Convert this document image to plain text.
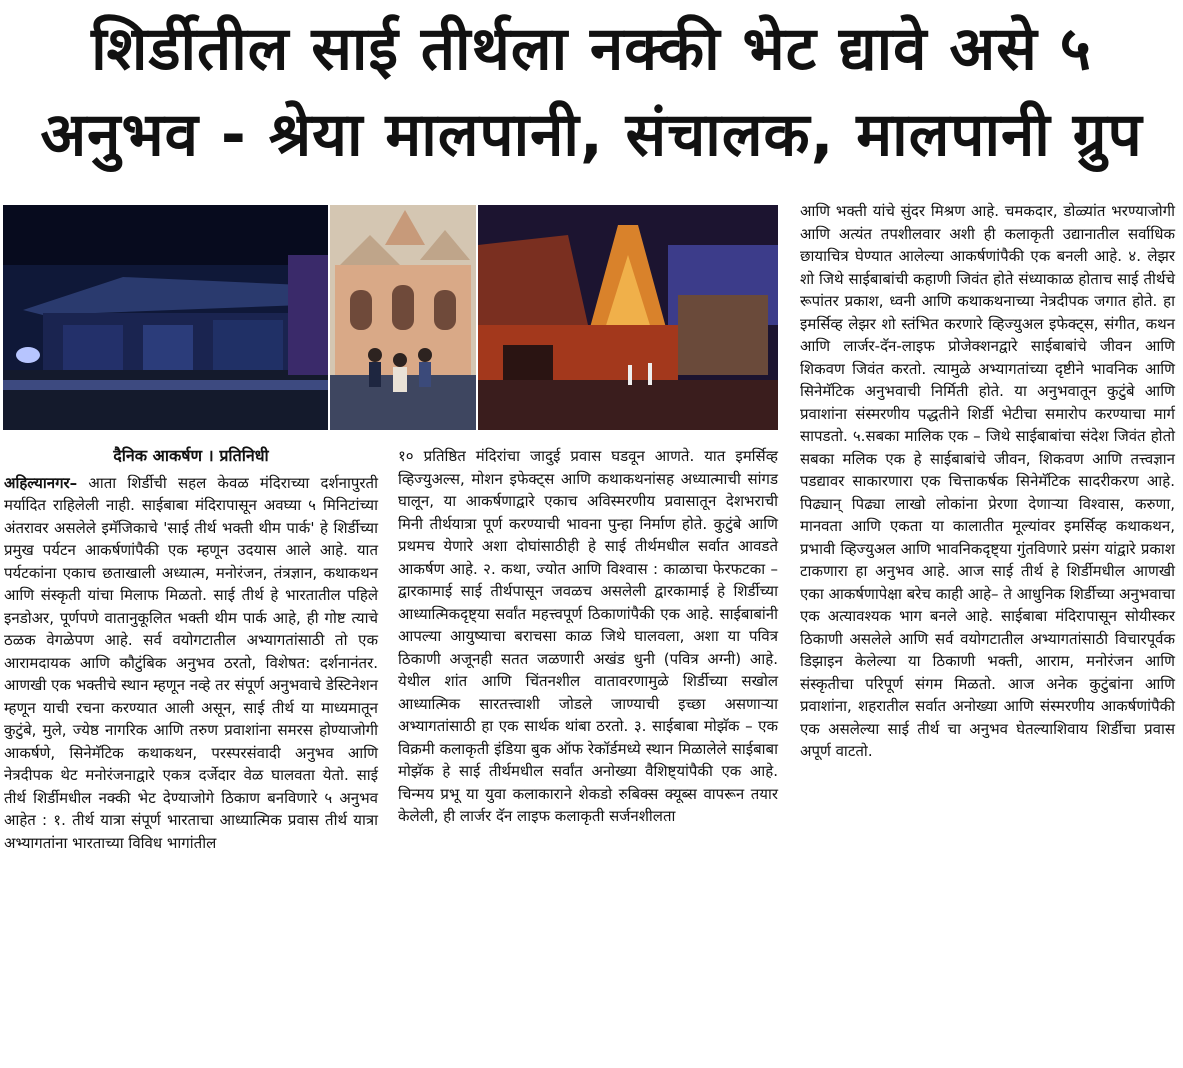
शिर्डीतील साई तीर्थला नक्की भेट द्यावे असे ५
अनुभव - श्रेया मालपानी, संचालक, मालपानी ग्रुप
दैनिक आकर्षण । प्रतिनिधी

अहिल्यानगर– आता शिर्डीची सहल केवळ मंदिराच्या दर्शनापुरती मर्यादित राहिलेली नाही. साईबाबा मंदिरापासून अवघ्या ५ मिनिटांच्या अंतरावर असलेले इमॅजिकाचे 'साई तीर्थ भक्ती थीम पार्क' हे शिर्डीच्या प्रमुख पर्यटन आकर्षणांपैकी एक म्हणून उदयास आले आहे. यात पर्यटकांना एकाच छताखाली अध्यात्म, मनोरंजन, तंत्रज्ञान, कथाकथन आणि संस्कृती यांचा मिलाफ मिळतो. साई तीर्थ हे भारतातील पहिले इनडोअर, पूर्णपणे वातानुकूलित भक्ती थीम पार्क आहे, ही गोष्ट त्याचे ठळक वेगळेपण आहे. सर्व वयोगटातील अभ्यागतांसाठी तो एक आरामदायक आणि कौटुंबिक अनुभव ठरतो, विशेषत: दर्शनानंतर. आणखी एक भक्तीचे स्थान म्हणून नव्हे तर संपूर्ण अनुभवाचे डेस्टिनेशन म्हणून याची रचना करण्यात आली असून, साई तीर्थ या माध्यमातून कुटुंबे, मुले, ज्येष्ठ नागरिक आणि तरुण प्रवाशांना समरस होण्याजोगी आकर्षणे, सिनेमॅटिक कथाकथन, परस्परसंवादी अनुभव आणि नेत्रदीपक थेट मनोरंजनाद्वारे एकत्र दर्जेदार वेळ घालवता येतो. साई तीर्थ शिर्डीमधील नक्की भेट देण्याजोगे ठिकाण बनविणारे ५ अनुभव आहेत : १. तीर्थ यात्रा संपूर्ण भारताचा आध्यात्मिक प्रवास तीर्थ यात्रा अभ्यागतांना भारताच्या विविध भागांतील

१० प्रतिष्ठित मंदिरांचा जादुई प्रवास घडवून आणते. यात इमर्सिव्ह व्हिज्युअल्स, मोशन इफेक्ट्स आणि कथाकथनांसह अध्यात्माची सांगड घालून, या आकर्षणाद्वारे एकाच अविस्मरणीय प्रवासातून देशभराची मिनी तीर्थयात्रा पूर्ण करण्याची भावना पुन्हा निर्माण होते. कुटुंबे आणि प्रथमच येणारे अशा दोघांसाठीही हे साई तीर्थमधील सर्वात आवडते आकर्षण आहे. २. कथा, ज्योत आणि विश्वास : काळाचा फेरफटका – द्वारकामाई साई तीर्थपासून जवळच असलेली द्वारकामाई हे शिर्डीच्या आध्यात्मिकदृष्ट्या सर्वांत महत्त्वपूर्ण ठिकाणांपैकी एक आहे. साईबाबांनी आपल्या आयुष्याचा बराचसा काळ जिथे घालवला, अशा या पवित्र ठिकाणी अजूनही सतत जळणारी अखंड धुनी (पवित्र अग्नी) आहे. येथील शांत आणि चिंतनशील वातावरणामुळे शिर्डीच्या सखोल आध्यात्मिक सारतत्त्वाशी जोडले जाण्याची इच्छा असणाऱ्या अभ्यागतांसाठी हा एक सार्थक थांबा ठरतो. ३. साईबाबा मोझॅक – एक विक्रमी कलाकृती इंडिया बुक ऑफ रेकॉर्डमध्ये स्थान मिळालेले साईबाबा मोझॅक हे साई तीर्थमधील सर्वांत अनोख्या वैशिष्ट्यांपैकी एक आहे. चिन्मय प्रभू या युवा कलाकाराने शेकडो रुबिक्स क्यूब्स वापरून तयार केलेली, ही लार्जर दॅन लाइफ कलाकृती सर्जनशीलता

आणि भक्ती यांचे सुंदर मिश्रण आहे. चमकदार, डोळ्यांत भरण्याजोगी आणि अत्यंत तपशीलवार अशी ही कलाकृती उद्यानातील सर्वाधिक छायाचित्र घेण्यात आलेल्या आकर्षणांपैकी एक बनली आहे. ४. लेझर शो जिथे साईबाबांची कहाणी जिवंत होते संध्याकाळ होताच साई तीर्थचे रूपांतर प्रकाश, ध्वनी आणि कथाकथनाच्या नेत्रदीपक जगात होते. हा इमर्सिव्ह लेझर शो स्तंभित करणारे व्हिज्युअल इफेक्ट्स, संगीत, कथन आणि लार्जर-दॅन-लाइफ प्रोजेक्शनद्वारे साईबाबांचे जीवन आणि शिकवण जिवंत करतो. त्यामुळे अभ्यागतांच्या दृष्टीने भावनिक आणि सिनेमॅटिक अनुभवाची निर्मिती होते. या अनुभवातून कुटुंबे आणि प्रवाशांना संस्मरणीय पद्धतीने शिर्डी भेटीचा समारोप करण्याचा मार्ग सापडतो. ५.सबका मालिक एक – जिथे साईबाबांचा संदेश जिवंत होतो सबका मलिक एक हे साईबाबांचे जीवन, शिकवण आणि तत्त्वज्ञान पडद्यावर साकारणारा एक चित्ताकर्षक सिनेमॅटिक सादरीकरण आहे. पिढ्यान् पिढ्या लाखो लोकांना प्रेरणा देणाऱ्या विश्वास, करुणा, मानवता आणि एकता या कालातीत मूल्यांवर इमर्सिव्ह कथाकथन, प्रभावी व्हिज्युअल आणि भावनिकदृष्ट्या गुंतविणारे प्रसंग यांद्वारे प्रकाश टाकणारा हा अनुभव आहे. आज साई तीर्थ हे शिर्डीमधील आणखी एका आकर्षणापेक्षा बरेच काही आहे– ते आधुनिक शिर्डीच्या अनुभवाचा एक अत्यावश्यक भाग बनले आहे. साईबाबा मंदिरापासून सोयीस्कर ठिकाणी असलेले आणि सर्व वयोगटातील अभ्यागतांसाठी विचारपूर्वक डिझाइन केलेल्या या ठिकाणी भक्ती, आराम, मनोरंजन आणि संस्कृतीचा परिपूर्ण संगम मिळतो. आज अनेक कुटुंबांना आणि प्रवाशांना, शहरातील सर्वात अनोख्या आणि संस्मरणीय आकर्षणांपैकी एक असलेल्या साई तीर्थ चा अनुभव घेतल्याशिवाय शिर्डीचा प्रवास अपूर्ण वाटतो.
